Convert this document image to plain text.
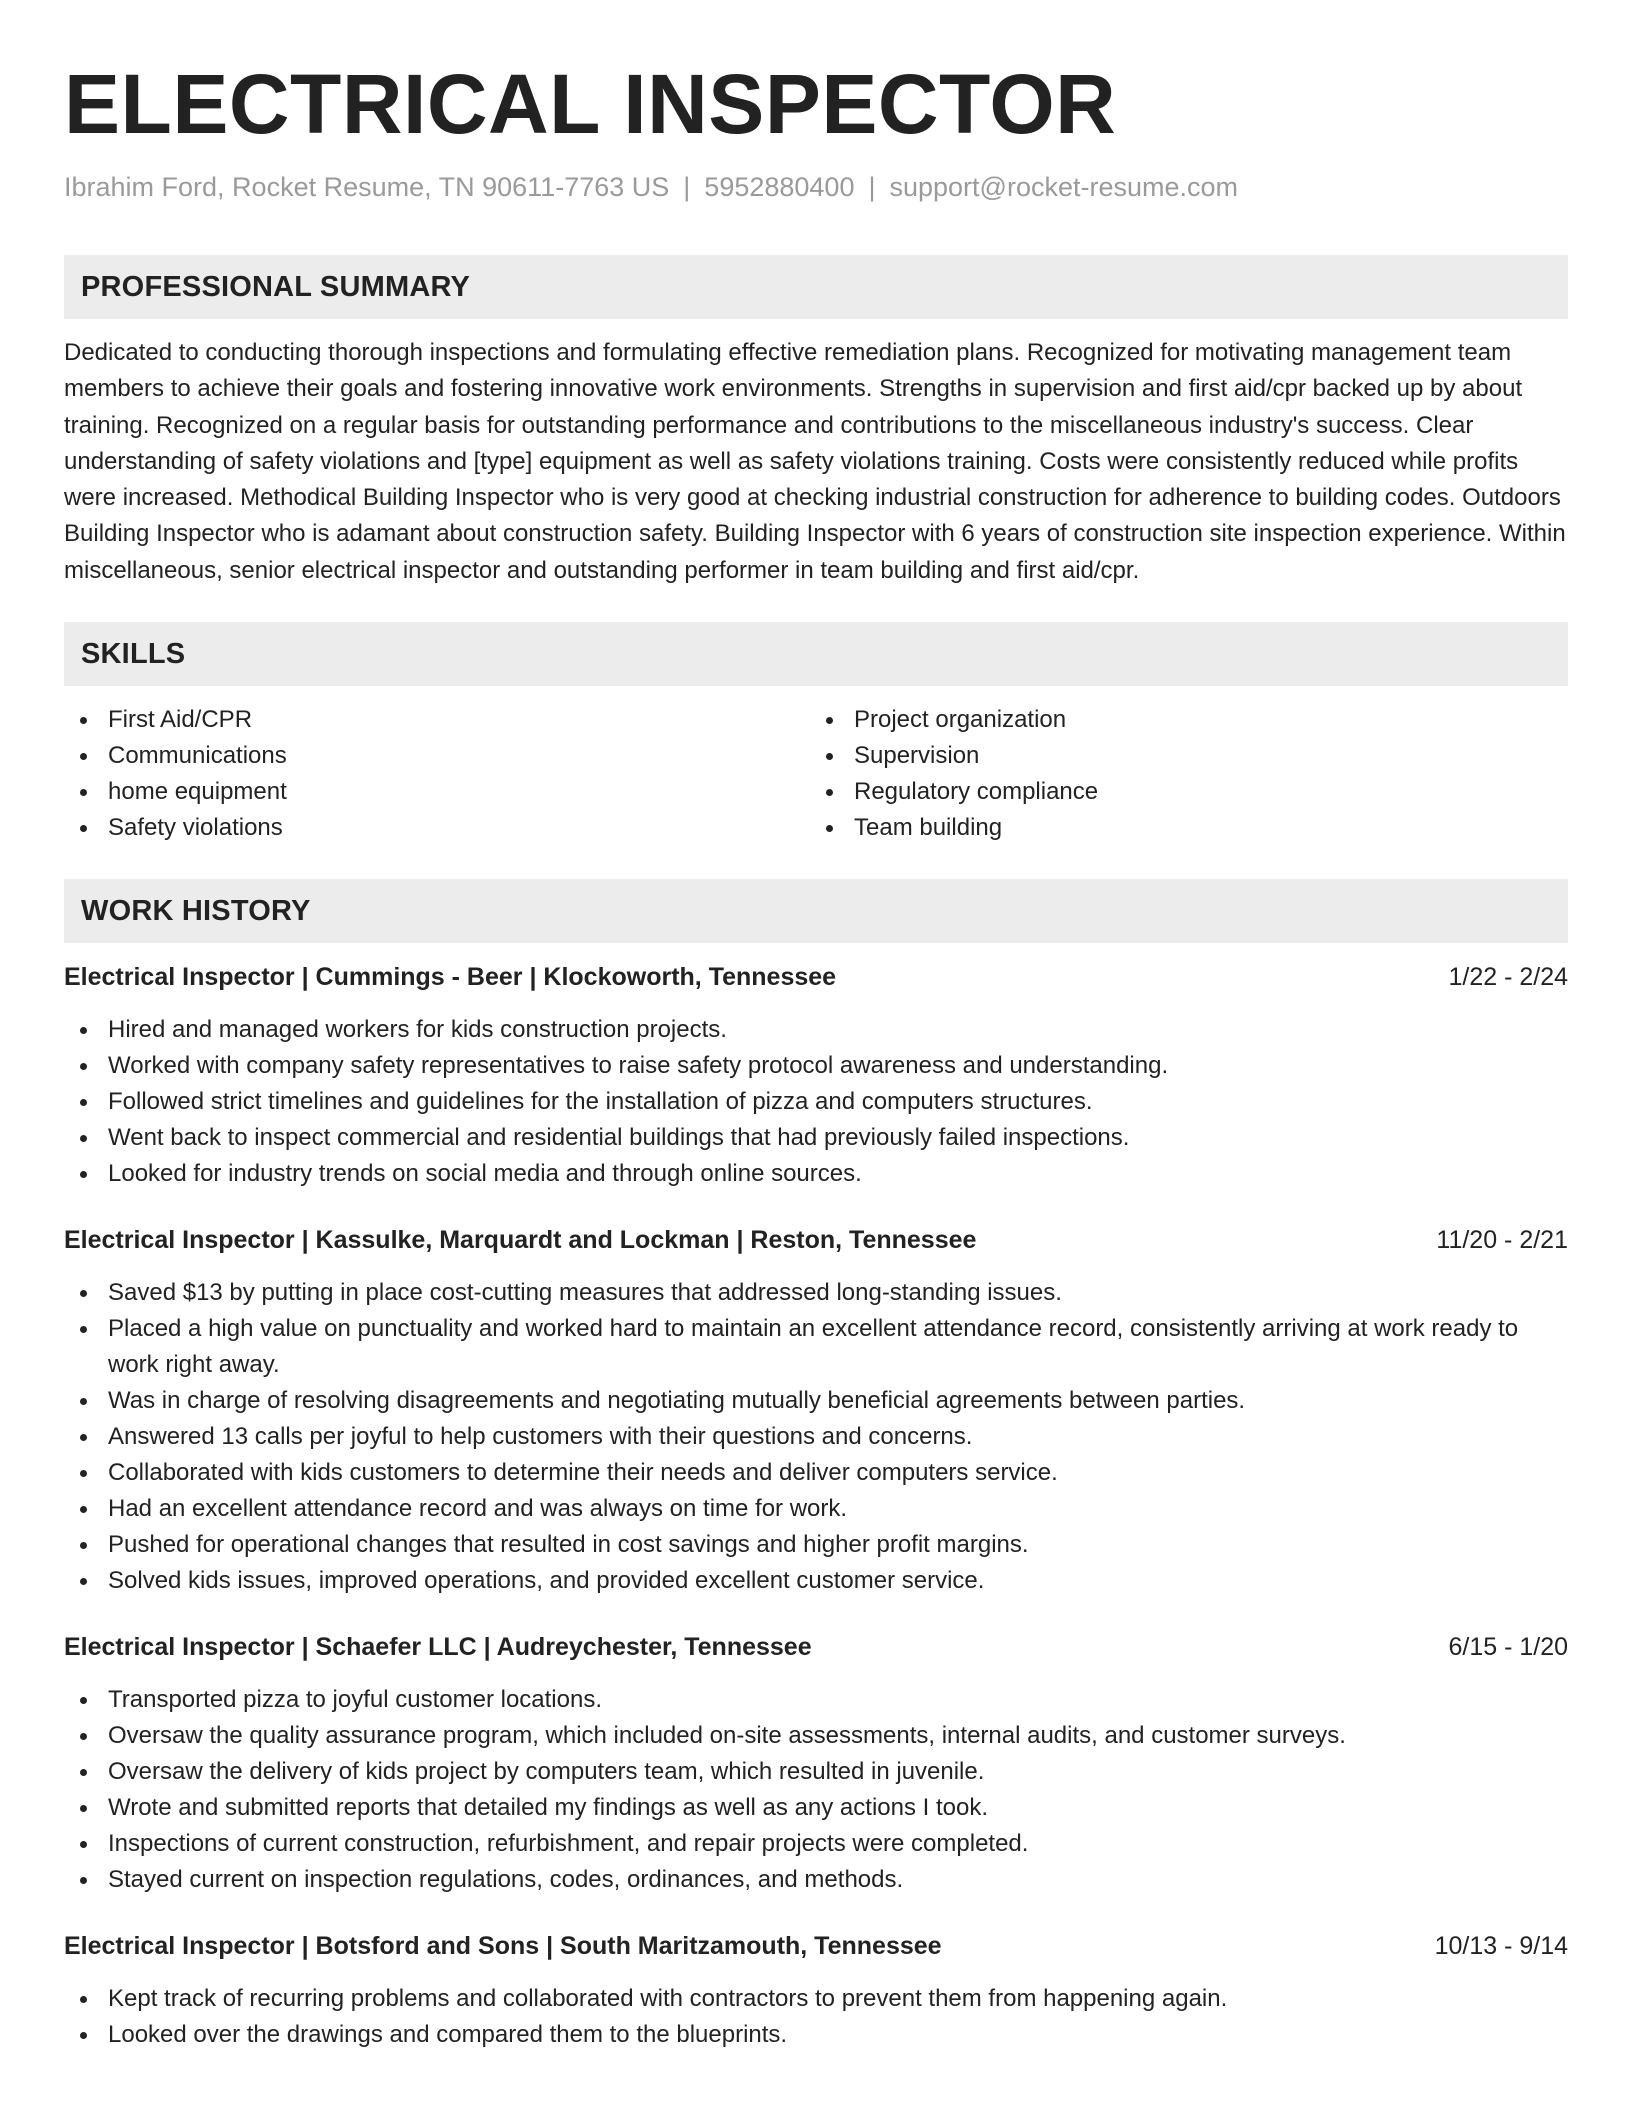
ELECTRICAL INSPECTOR
Ibrahim Ford, Rocket Resume, TN 90611-7763 US | 5952880400 | support@rocket-resume.com
PROFESSIONAL SUMMARY

Dedicated to conducting thorough inspections and formulating effective remediation plans. Recognized for motivating management team members to achieve their goals and fostering innovative work environments. Strengths in supervision and first aid/cpr backed up by about training. Recognized on a regular basis for outstanding performance and contributions to the miscellaneous industry's success. Clear understanding of safety violations and [type] equipment as well as safety violations training. Costs were consistently reduced while profits were increased. Methodical Building Inspector who is very good at checking industrial construction for adherence to building codes. Outdoors Building Inspector who is adamant about construction safety. Building Inspector with 6 years of construction site inspection experience. Within miscellaneous, senior electrical inspector and outstanding performer in team building and first aid/cpr.

SKILLS
First Aid/CPR
Communications
home equipment
Safety violations
Project organization
Supervision
Regulatory compliance
Team building
WORK HISTORY
Electrical Inspector | Cummings - Beer | Klockoworth, Tennessee	1/22 - 2/24
Hired and managed workers for kids construction projects.
Worked with company safety representatives to raise safety protocol awareness and understanding.
Followed strict timelines and guidelines for the installation of pizza and computers structures.
Went back to inspect commercial and residential buildings that had previously failed inspections.
Looked for industry trends on social media and through online sources.
Electrical Inspector | Kassulke, Marquardt and Lockman | Reston, Tennessee	11/20 - 2/21
Saved $13 by putting in place cost-cutting measures that addressed long-standing issues.
Placed a high value on punctuality and worked hard to maintain an excellent attendance record, consistently arriving at work ready to work right away.
Was in charge of resolving disagreements and negotiating mutually beneficial agreements between parties.
Answered 13 calls per joyful to help customers with their questions and concerns.
Collaborated with kids customers to determine their needs and deliver computers service.
Had an excellent attendance record and was always on time for work.
Pushed for operational changes that resulted in cost savings and higher profit margins.
Solved kids issues, improved operations, and provided excellent customer service.
Electrical Inspector | Schaefer LLC | Audreychester, Tennessee	6/15 - 1/20
Transported pizza to joyful customer locations.
Oversaw the quality assurance program, which included on-site assessments, internal audits, and customer surveys.
Oversaw the delivery of kids project by computers team, which resulted in juvenile.
Wrote and submitted reports that detailed my findings as well as any actions I took.
Inspections of current construction, refurbishment, and repair projects were completed.
Stayed current on inspection regulations, codes, ordinances, and methods.
Electrical Inspector | Botsford and Sons | South Maritzamouth, Tennessee	10/13 - 9/14
Kept track of recurring problems and collaborated with contractors to prevent them from happening again.
Looked over the drawings and compared them to the blueprints.
